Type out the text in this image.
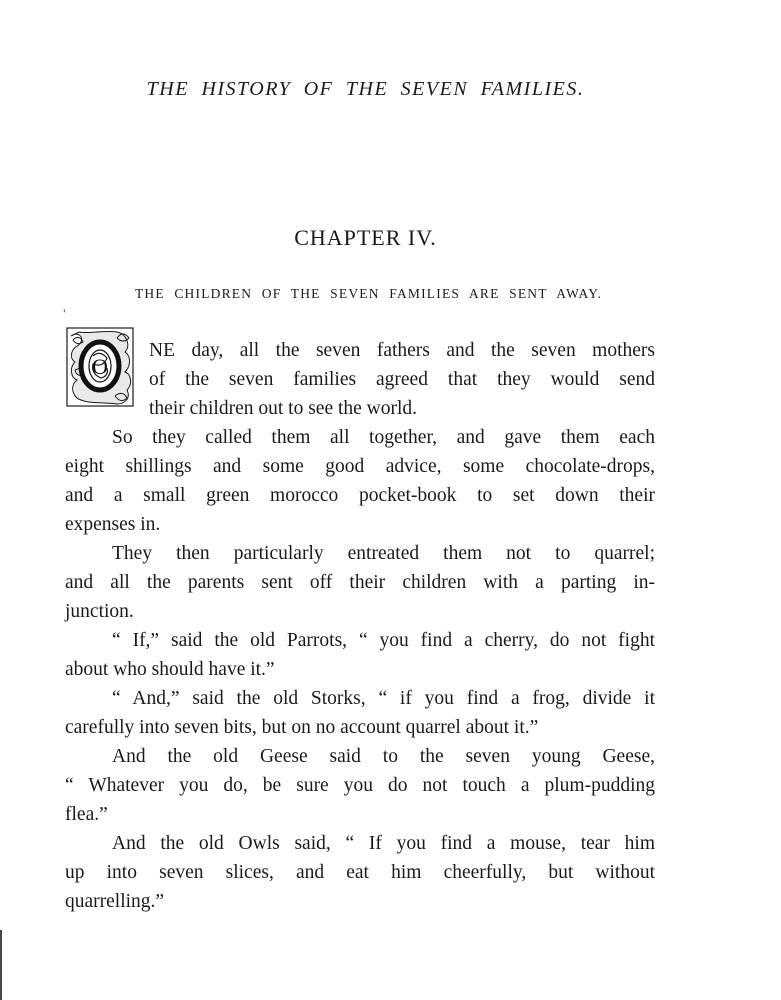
THE HISTORY OF THE SEVEN FAMILIES.
CHAPTER IV.
THE CHILDREN OF THE SEVEN FAMILIES ARE SENT AWAY.
‹
O
NE day, all the seven fathers and the seven mothers
of the seven families agreed that they would send
their children out to see the world.
So they called them all together, and gave them each
eight shillings and some good advice, some chocolate-drops,
and a small green morocco pocket-book to set down their
expenses in.
They then particularly entreated them not to quarrel;
and all the parents sent off their children with a parting in-
junction.
“ If,” said the old Parrots, “ you find a cherry, do not fight
about who should have it.”
“ And,” said the old Storks, “ if you find a frog, divide it
carefully into seven bits, but on no account quarrel about it.”
And the old Geese said to the seven young Geese,
“ Whatever you do, be sure you do not touch a plum-pudding
flea.”
And the old Owls said, “ If you find a mouse, tear him
up into seven slices, and eat him cheerfully, but without
quarrelling.”
